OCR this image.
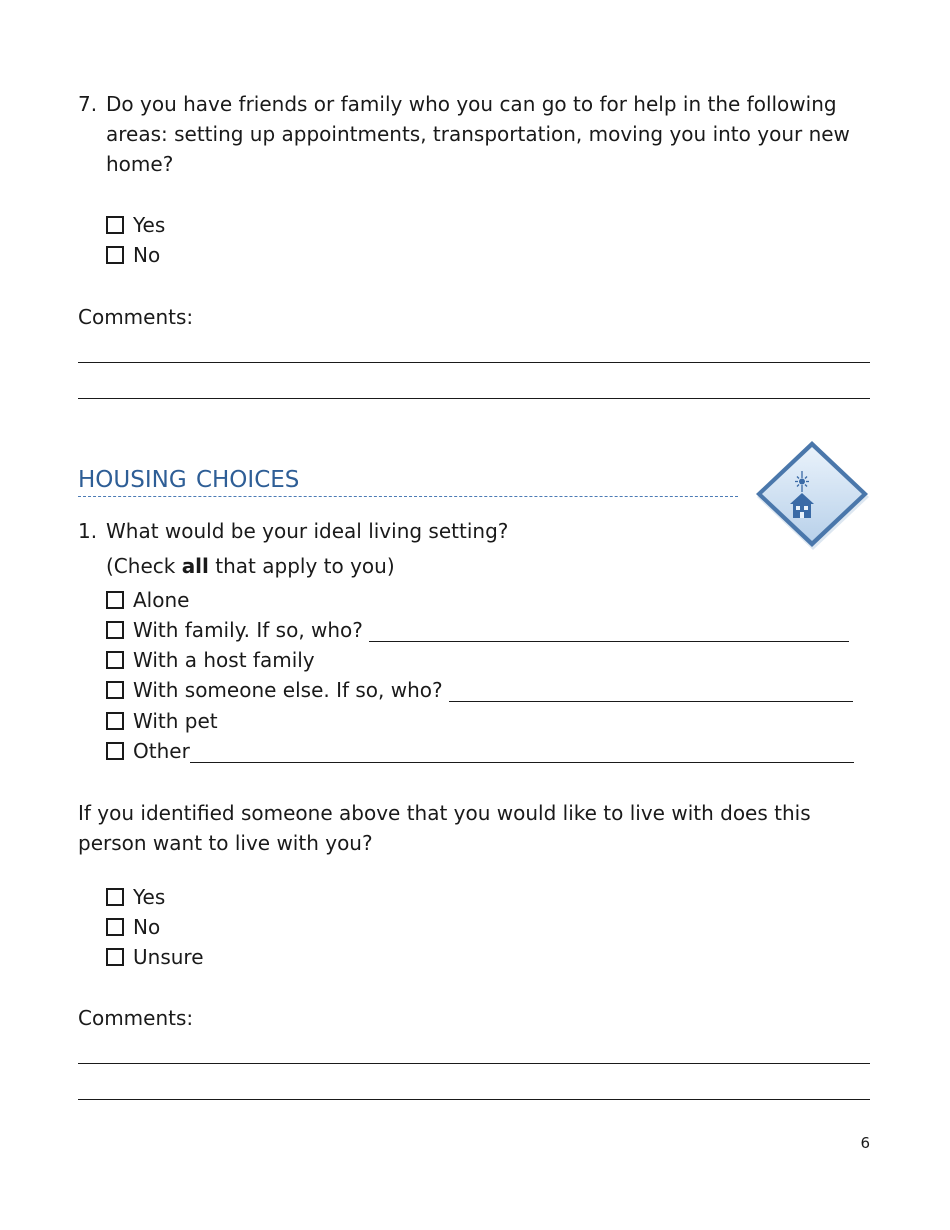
7. Do you have friends or family who you can go to for help in the following
areas: setting up appointments, transportation, moving you into your new
home?
Yes
No
Comments:
HOUSING CHOICES
1. What would be your ideal living setting?
(Check all that apply to you)
Alone
With family. If so, who?
With a host family
With someone else. If so, who?
With pet
Other
If you identified someone above that you would like to live with does this
person want to live with you?
Yes
No
Unsure
Comments:
6
